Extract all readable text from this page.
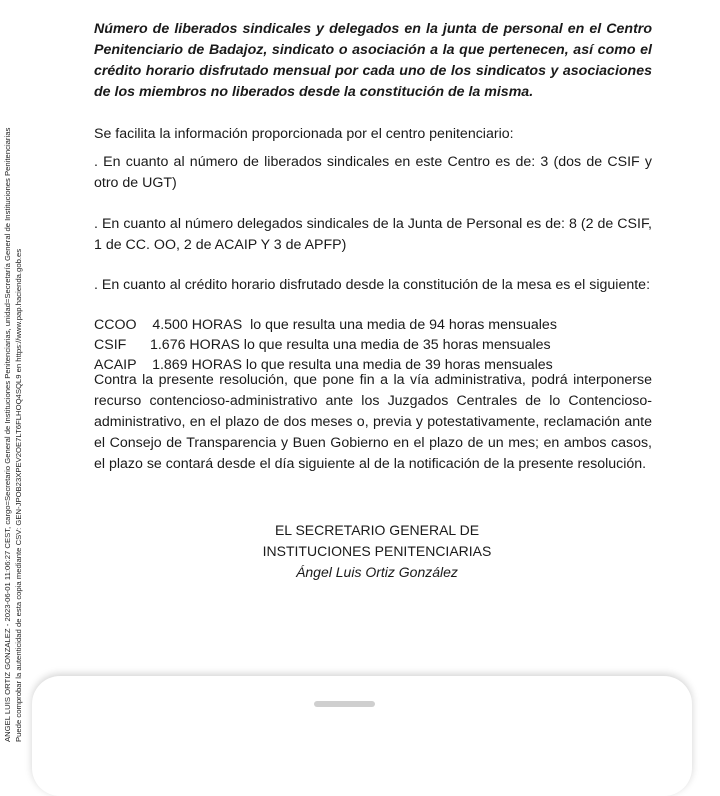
ANGEL LUIS ORTIZ GONZALEZ - 2023-06-01 11:06:27 CEST, cargo=Secretario General de Instituciones Penitenciarias, unidad=Secretaría General de Instituciones Penitenciarias Puede comprobar la autenticidad de esta copia mediante CSV: GEN-JPOB23XPEV2OE7LT6FLHOQ4SQL9 en https://www.pap.hacienda.gob.es

Número de liberados sindicales y delegados en la junta de personal en el Centro Penitenciario de Badajoz, sindicato o asociación a la que pertenecen, así como el crédito horario disfrutado mensual por cada uno de los sindicatos y asociaciones de los miembros no liberados desde la constitución de la misma.

Se facilita la información proporcionada por el centro penitenciario:

. En cuanto al número de liberados sindicales en este Centro es de: 3 (dos de CSIF y otro de UGT)

. En cuanto al número delegados sindicales de la Junta de Personal es de: 8 (2 de CSIF, 1 de CC. OO, 2 de ACAIP Y 3 de APFP)

. En cuanto al crédito horario disfrutado desde la constitución de la mesa es el siguiente:

CCOO    4.500 HORAS  lo que resulta una media de 94 horas mensuales
CSIF      1.676 HORAS lo que resulta una media de 35 horas mensuales
ACAIP    1.869 HORAS lo que resulta una media de 39 horas mensuales

Contra la presente resolución, que pone fin a la vía administrativa, podrá interponerse recurso contencioso-administrativo ante los Juzgados Centrales de lo Contencioso-administrativo, en el plazo de dos meses o, previa y potestativamente, reclamación ante el Consejo de Transparencia y Buen Gobierno en el plazo de un mes; en ambos casos, el plazo se contará desde el día siguiente al de la notificación de la presente resolución.

EL SECRETARIO GENERAL DE
INSTITUCIONES PENITENCIARIAS
Ángel Luis Ortiz González
